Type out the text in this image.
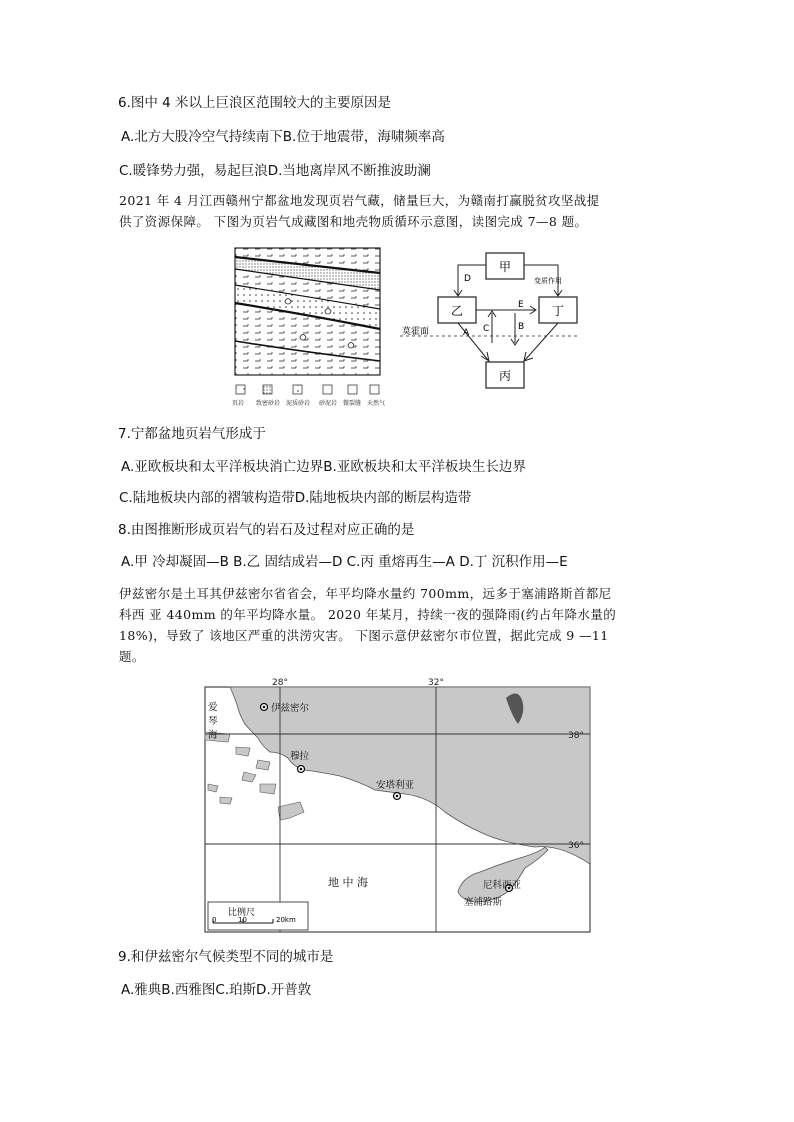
6.图中 4 米以上巨浪区范围较大的主要原因是
A.北方大股冷空气持续南下B.位于地震带，海啸频率高
C.暖锋势力强，易起巨浪D.当地离岸风不断推波助澜

2021 年 4 月江西赣州宁都盆地发现页岩气藏，储量巨大，为赣南打赢脱贫攻坚战提

供了资源保障。 下图为页岩气成藏图和地壳物质循环示意图，读图完成 7—8 题。

页岩 致密砂岩 泥质砂岩 砂泥岩 微裂缝 天然气
甲
乙	丁
丙
D	变质作用
E
A C	B
莫霍面
7.宁都盆地页岩气形成于
A.亚欧板块和太平洋板块消亡边界B.亚欧板块和太平洋板块生长边界
C.陆地板块内部的褶皱构造带D.陆地板块内部的断层构造带
8.由图推断形成页岩气的岩石及过程对应正确的是
A.甲 冷却凝固—B B.乙 固结成岩—D C.丙 重熔再生—A D.丁 沉积作用—E

伊兹密尔是土耳其伊兹密尔省省会，年平均降水量约 700mm，远多于塞浦路斯首都尼

科西 亚 440mm 的年平均降水量。 2020 年某月，持续一夜的强降雨(约占年降水量的

18%)，导致了 该地区严重的洪涝灾害。 下图示意伊兹密尔市位置，据此完成 9 —11

题。

28°	32°
38°
36°
伊兹密尔
穆拉
安塔利亚
尼科西亚
塞浦路斯
地 中 海
爱
琴
海
比例尺
0	10	20km
9.和伊兹密尔气候类型不同的城市是
A.雅典B.西雅图C.珀斯D.开普敦
